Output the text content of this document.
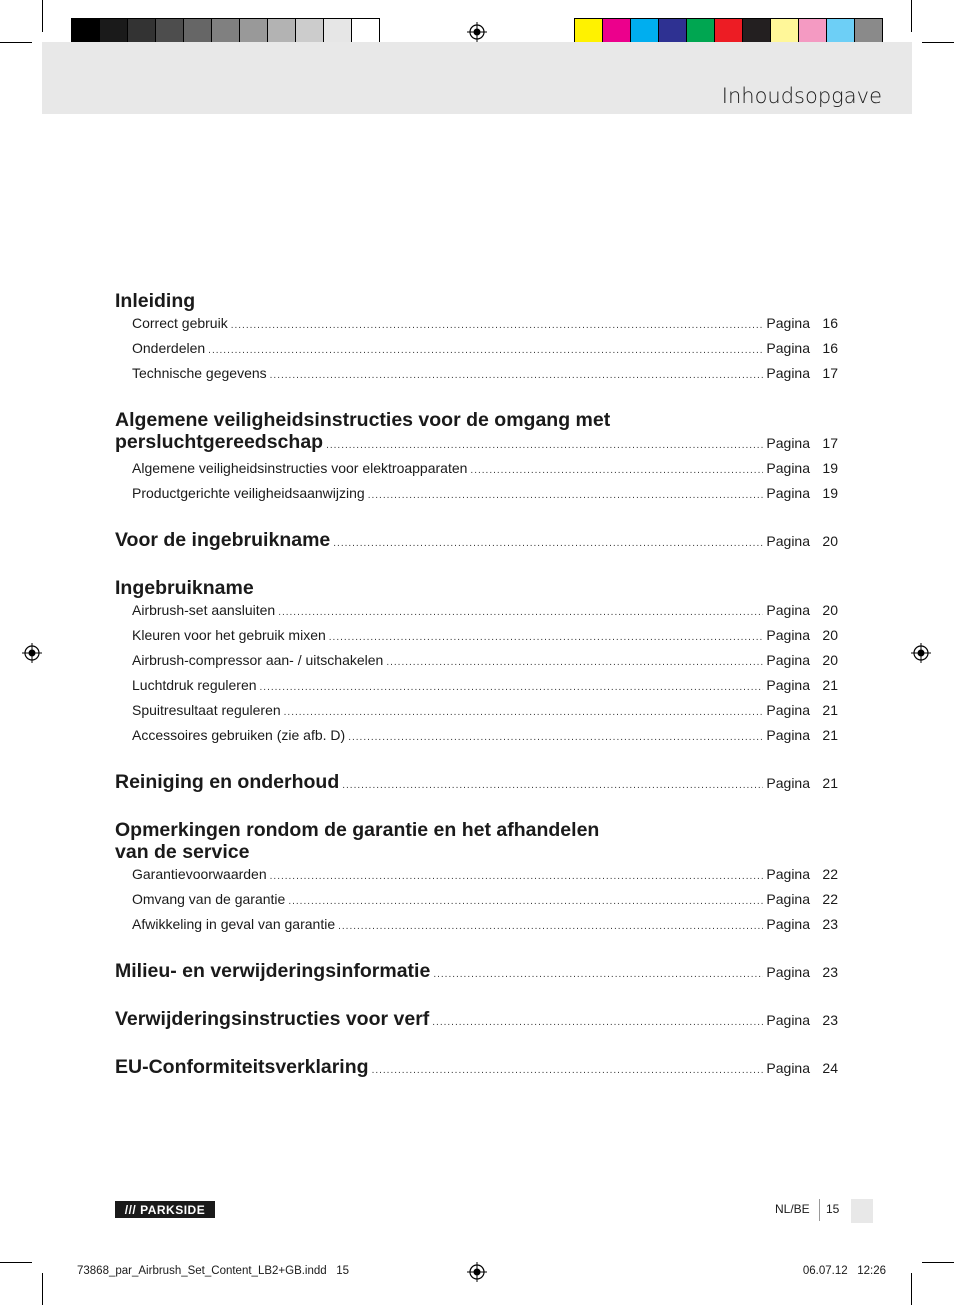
Inhoudsopgave
Inleiding
Correct gebruik .....	Pagina 16
Onderdelen .....	Pagina 16
Technische gegevens .....	Pagina 17
Algemene veiligheidsinstructies voor de omgang met
persluchtgereedschap .....	Pagina 17
Algemene veiligheidsinstructies voor elektroapparaten .....	Pagina 19
Productgerichte veiligheidsaanwijzing .....	Pagina 19
Voor de ingebruikname .....	Pagina 20
Ingebruikname
Airbrush-set aansluiten .....	Pagina 20
Kleuren voor het gebruik mixen .....	Pagina 20
Airbrush-compressor aan- / uitschakelen .....	Pagina 20
Luchtdruk reguleren .....	Pagina 21
Spuitresultaat reguleren .....	Pagina 21
Accessoires gebruiken (zie afb. D) .....	Pagina 21
Reiniging en onderhoud .....	Pagina 21
Opmerkingen rondom de garantie en het afhandelen
van de service
Garantievoorwaarden .....	Pagina 22
Omvang van de garantie .....	Pagina 22
Afwikkeling in geval van garantie .....	Pagina 23
Milieu- en verwijderingsinformatie .....	Pagina 23
Verwijderingsinstructies voor verf .....	Pagina 23
EU-Conformiteitsverklaring .....	Pagina 24
/// PARKSIDE	NL/BE 15
73868_par_Airbrush_Set_Content_LB2+GB.indd   15	06.07.12   12:26
